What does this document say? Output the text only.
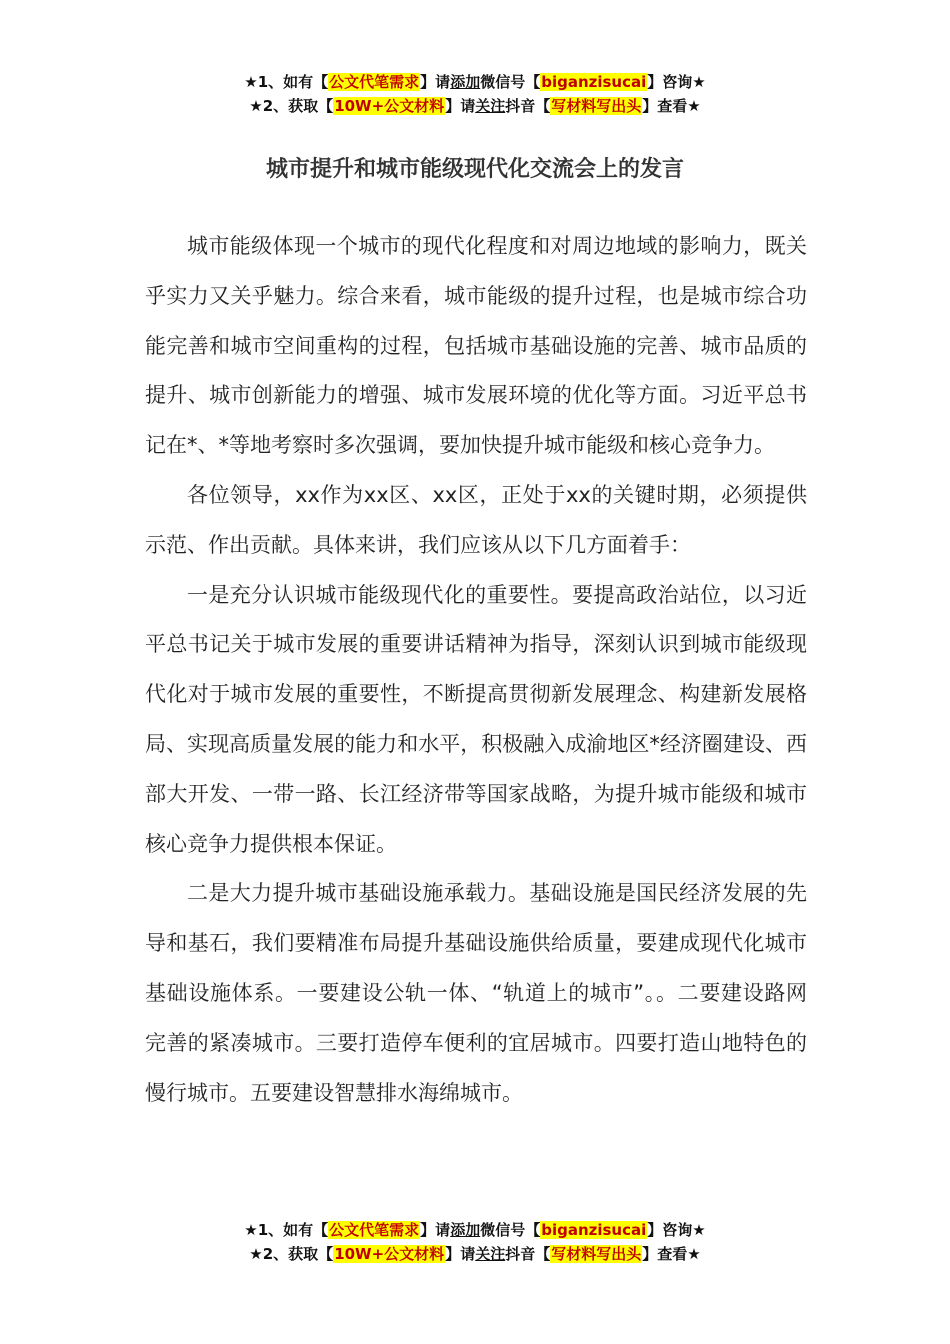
★1、如有【公文代笔需求】请添加微信号【biganzisucai】咨询★
★2、获取【10W+公文材料】请关注抖音【写材料写出头】查看★
城市提升和城市能级现代化交流会上的发言

城市能级体现一个城市的现代化程度和对周边地域的影响力，既关乎实力又关乎魅力。综合来看，城市能级的提升过程，也是城市综合功能完善和城市空间重构的过程，包括城市基础设施的完善、城市品质的提升、城市创新能力的增强、城市发展环境的优化等方面。习近平总书记在*、*等地考察时多次强调，要加快提升城市能级和核心竞争力。

各位领导，xx作为xx区、xx区，正处于xx的关键时期，必须提供示范、作出贡献。具体来讲，我们应该从以下几方面着手：

一是充分认识城市能级现代化的重要性。要提高政治站位，以习近平总书记关于城市发展的重要讲话精神为指导，深刻认识到城市能级现代化对于城市发展的重要性，不断提高贯彻新发展理念、构建新发展格局、实现高质量发展的能力和水平，积极融入成渝地区*经济圈建设、西部大开发、一带一路、长江经济带等国家战略，为提升城市能级和城市核心竞争力提供根本保证。

二是大力提升城市基础设施承载力。基础设施是国民经济发展的先导和基石，我们要精准布局提升基础设施供给质量，要建成现代化城市基础设施体系。一要建设公轨一体、“轨道上的城市”。。二要建设路网完善的紧凑城市。三要打造停车便利的宜居城市。四要打造山地特色的慢行城市。五要建设智慧排水海绵城市。

★1、如有【公文代笔需求】请添加微信号【biganzisucai】咨询★
★2、获取【10W+公文材料】请关注抖音【写材料写出头】查看★
